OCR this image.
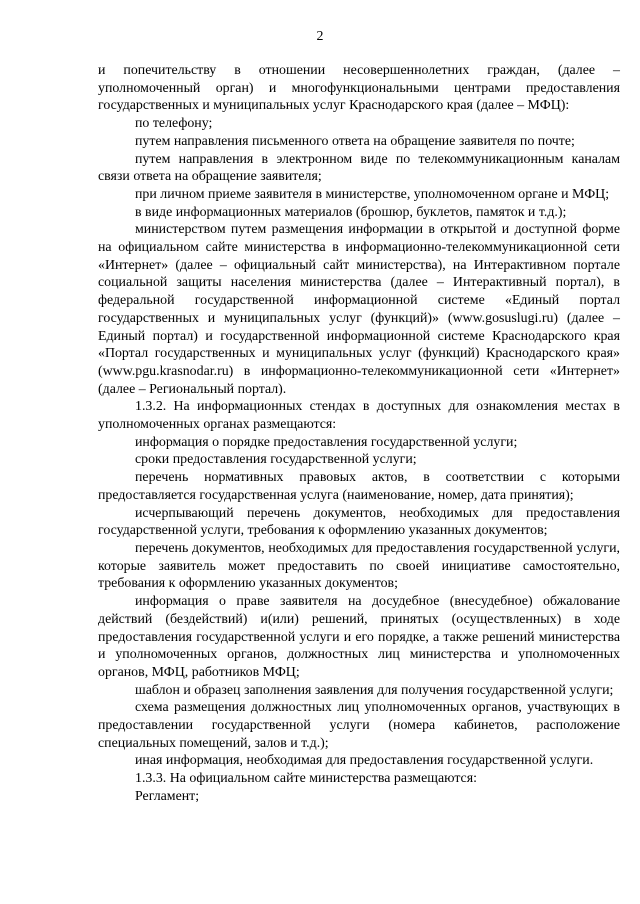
2

и попечительству в отношении несовершеннолетних граждан, (далее – уполномоченный орган) и многофункциональными центрами предоставления государственных и муниципальных услуг Краснодарского края (далее – МФЦ):

по телефону;

путем направления письменного ответа на обращение заявителя по почте;

путем направления в электронном виде по телекоммуникационным каналам связи ответа на обращение заявителя;

при личном приеме заявителя в министерстве, уполномоченном органе и МФЦ;

в виде информационных материалов (брошюр, буклетов, памяток и т.д.);

министерством путем размещения информации в открытой и доступной форме на официальном сайте министерства в информационно-телекоммуникационной сети «Интернет» (далее – официальный сайт министерства), на Интерактивном портале социальной защиты населения министерства (далее – Интерактивный портал), в федеральной государственной информационной системе «Единый портал государственных и муниципальных услуг (функций)» (www.gosuslugi.ru) (далее – Единый портал) и государственной информационной системе Краснодарского края «Портал государственных и муниципальных услуг (функций) Краснодарского края» (www.pgu.krasnodar.ru) в информационно-телекоммуникационной сети «Интернет» (далее – Региональный портал).

1.3.2. На информационных стендах в доступных для ознакомления местах в уполномоченных органах размещаются:

информация о порядке предоставления государственной услуги;

сроки предоставления государственной услуги;

перечень нормативных правовых актов, в соответствии с которыми предоставляется государственная услуга (наименование, номер, дата принятия);

исчерпывающий перечень документов, необходимых для предоставления государственной услуги, требования к оформлению указанных документов;

перечень документов, необходимых для предоставления государственной услуги, которые заявитель может предоставить по своей инициативе самостоятельно, требования к оформлению указанных документов;

информация о праве заявителя на досудебное (внесудебное) обжалование действий (бездействий) и(или) решений, принятых (осуществленных) в ходе предоставления государственной услуги и его порядке, а также решений министерства и уполномоченных органов, должностных лиц министерства и уполномоченных органов, МФЦ, работников МФЦ;

шаблон и образец заполнения заявления для получения государственной услуги;

схема размещения должностных лиц уполномоченных органов, участвующих в предоставлении государственной услуги (номера кабинетов, расположение специальных помещений, залов и т.д.);

иная информация, необходимая для предоставления государственной услуги.

1.3.3. На официальном сайте министерства размещаются:

Регламент;
